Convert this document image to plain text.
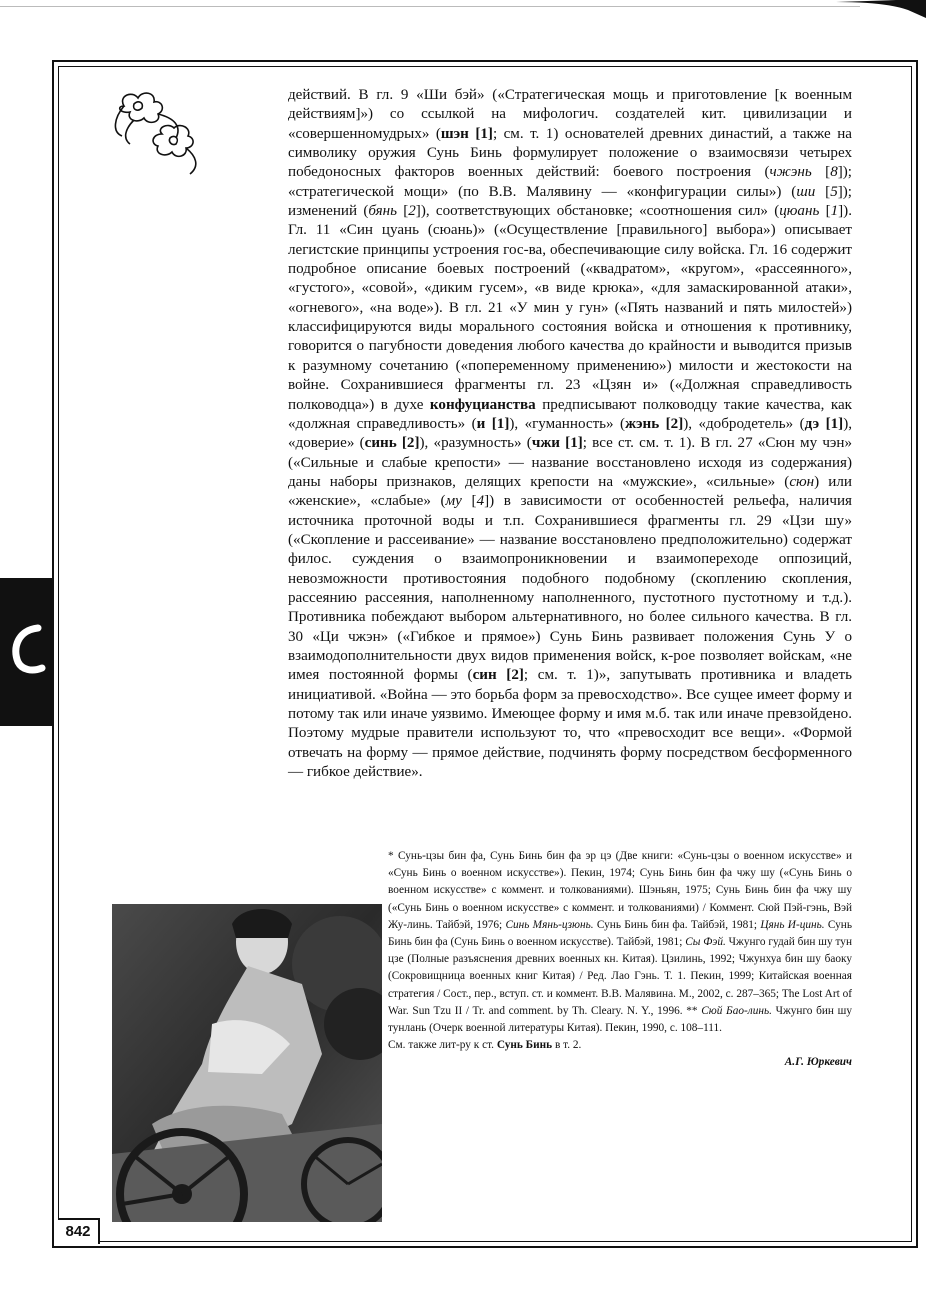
действий. В гл. 9 «Ши бэй» («Стратегическая мощь и приготовление [к военным действиям]») со ссылкой на мифологич. создателей кит. цивилизации и «совершенномудрых» (шэн [1]; см. т. 1) основателей древних династий, а также на символику оружия Сунь Бинь формулирует положение о взаимосвязи четырех победоносных факторов военных действий: боевого построения (чжэнь [8]); «стратегической мощи» (по В.В. Малявину — «конфигурации силы») (ши [5]); изменений (бянь [2]), соответствующих обстановке; «соотношения сил» (цюань [1]). Гл. 11 «Син цуань (сюань)» («Осуществление [правильного] выбора») описывает легистские принципы устроения гос-ва, обеспечивающие силу войска. Гл. 16 содержит подробное описание боевых построений («квадратом», «кругом», «рассеянного», «густого», «совой», «диким гусем», «в виде крюка», «для замаскированной атаки», «огневого», «на воде»). В гл. 21 «У мин у гун» («Пять названий и пять милостей») классифицируются виды морального состояния войска и отношения к противнику, говорится о пагубности доведения любого качества до крайности и выводится призыв к разумному сочетанию («попеременному применению») милости и жестокости на войне. Сохранившиеся фрагменты гл. 23 «Цзян и» («Должная справедливость полководца») в духе конфуцианства предписывают полководцу такие качества, как «должная справедливость» (и [1]), «гуманность» (жэнь [2]), «добродетель» (дэ [1]), «доверие» (синь [2]), «разумность» (чжи [1]; все ст. см. т. 1). В гл. 27 «Сюн му чэн» («Сильные и слабые крепости» — название восстановлено исходя из содержания) даны наборы признаков, делящих крепости на «мужские», «сильные» (сюн) или «женские», «слабые» (му [4]) в зависимости от особенностей рельефа, наличия источника проточной воды и т.п. Сохранившиеся фрагменты гл. 29 «Цзи шу» («Скопление и рассеивание» — название восстановлено предположительно) содержат филос. суждения о взаимопроникновении и взаимопереходе оппозиций, невозможности противостояния подобного подобному (скоплению скопления, рассеянию рассеяния, наполненному наполненного, пустотного пустотному и т.д.). Противника побеждают выбором альтернативного, но более сильного качества. В гл. 30 «Ци чжэн» («Гибкое и прямое») Сунь Бинь развивает положения Сунь У о взаимодополнительности двух видов применения войск, к-рое позволяет войскам, «не имея постоянной формы (син [2]; см. т. 1)», запутывать противника и владеть инициативой. «Война — это борьба форм за превосходство». Все сущее имеет форму и потому так или иначе уязвимо. Имеющее форму и имя м.б. так или иначе превзойдено. Поэтому мудрые правители используют то, что «превосходит все вещи». «Формой отвечать на форму — прямое действие, подчинять форму посредством бесформенного — гибкое действие».

* Сунь-цзы бин фа, Сунь Бинь бин фа эр цэ (Две книги: «Сунь-цзы о военном искусстве» и «Сунь Бинь о военном искусстве»). Пекин, 1974; Сунь Бинь бин фа чжу шу («Сунь Бинь о военном искусстве» с коммент. и толкованиями). Шэньян, 1975; Сунь Бинь бин фа чжу шу («Сунь Бинь о военном искусстве» с коммент. и толкованиями) / Коммент. Сюй Пэй-гэнь, Вэй Жу-линь. Тайбэй, 1976; Синь Мянь-цзюнь. Сунь Бинь бин фа. Тайбэй, 1981; Цянь И-цинь. Сунь Бинь бин фа (Сунь Бинь о военном искусстве). Тайбэй, 1981; Сы Фэй. Чжунго гудай бин шу тун цзе (Полные разъяснения древних военных кн. Китая). Цзилинь, 1992; Чжунхуа бин шу баоку (Сокровищница военных книг Китая) / Ред. Лао Гэнь. Т. 1. Пекин, 1999; Китайская военная стратегия / Сост., пер., вступ. ст. и коммент. В.В. Малявина. М., 2002, с. 287–365; The Lost Art of War. Sun Tzu II / Tr. and comment. by Th. Cleary. N. Y., 1996. ** Сюй Бао-линь. Чжунго бин шу тунлань (Очерк военной литературы Китая). Пекин, 1990, с. 108–111.

См. также лит-ру к ст. Сунь Бинь в т. 2.

А.Г. Юркевич

842
